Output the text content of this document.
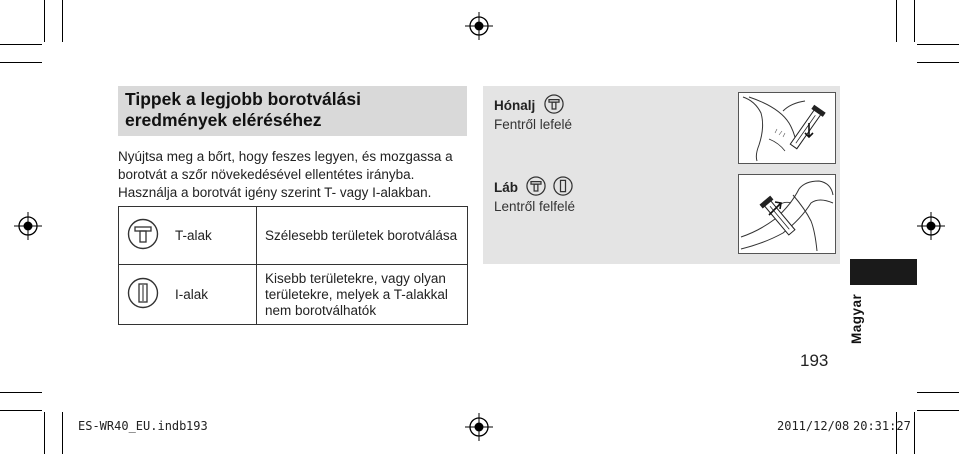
Tippek a legjobb borotválási
eredmények eléréséhez
Nyújtsa meg a bőrt, hogy feszes legyen, és mozgassa a
borotvát a szőr növekedésével ellentétes irányba.
Használja a borotvát igény szerint T- vagy I-alakban.
	T-alak	Szélesebb területek borotválása

	I-alak	Kisebb területekre, vagy olyan
területekre, melyek a T-alakkal
nem borotválhatók
Hónalj
Fentről lefelé
Láb
Lentről felfelé
Magyar
193
ES-WR40_EU.indb 193	2011/12/08 20:31:27
